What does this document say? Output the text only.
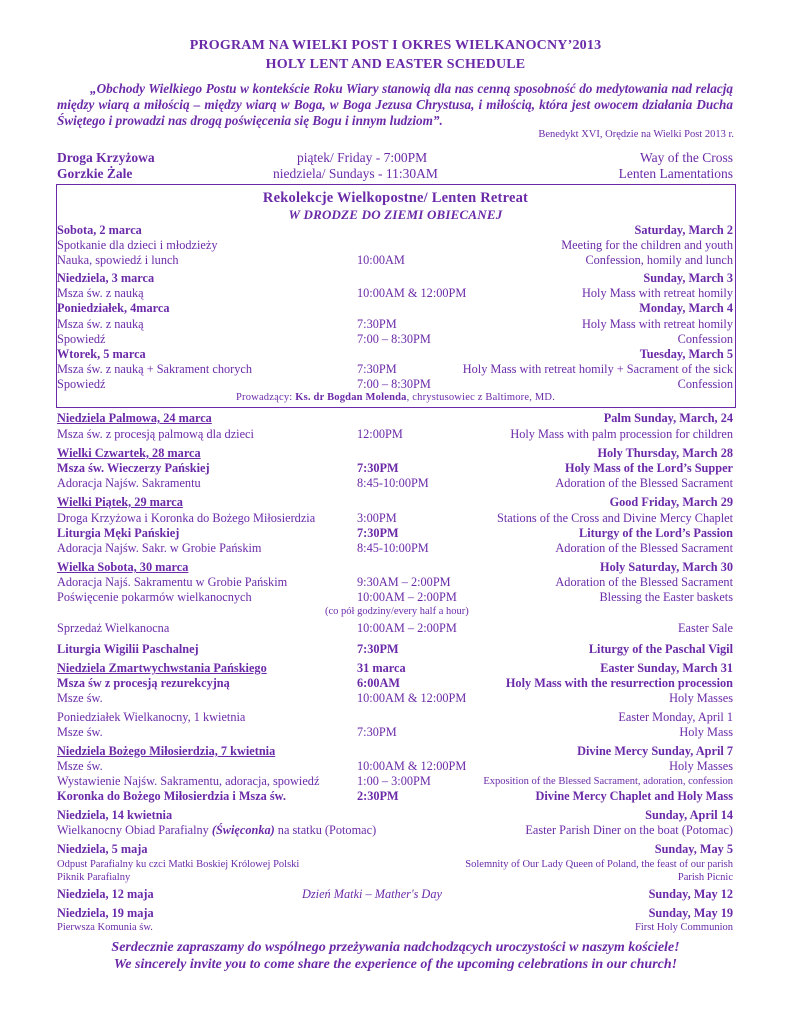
PROGRAM NA WIELKI POST I OKRES WIELKANOCNY’2013
HOLY LENT AND EASTER SCHEDULE
„Obchody Wielkiego Postu w kontekście Roku Wiary stanowią dla nas cenną sposobność do medytowania nad relacją między wiarą a miłością – między wiarą w Boga, w Boga Jezusa Chrystusa, i miłością, która jest owocem działania Ducha Świętego i prowadzi nas drogą poświęcenia się Bogu i innym ludziom”.
Benedykt XVI, Orędzie na Wielki Post 2013 r.
Droga Krzyżowa	piątek/ Friday - 7:00PM	Way of the Cross
Gorzkie Żale	niedziela/ Sundays - 11:30AM	Lenten Lamentations
Rekolekcje Wielkopostne/ Lenten Retreat
W DRODZE DO ZIEMI OBIECANEJ
Sobota, 2 marca	Saturday, March 2
Spotkanie dla dzieci i młodzieży	Meeting for the children and youth
Nauka, spowiedź i lunch	10:00AM	Confession, homily and lunch
Niedziela, 3 marca	Sunday, March 3
Msza św. z nauką	10:00AM & 12:00PM	Holy Mass with retreat homily
Poniedziałek, 4marca	Monday, March 4
Msza św. z nauką	7:30PM	Holy Mass with retreat homily
Spowiedź	7:00 – 8:30PM	Confession
Wtorek, 5 marca	Tuesday, March 5
Msza św. z nauką + Sakrament chorych	7:30PM	Holy Mass with retreat homily + Sacrament of the sick
Spowiedź	7:00 – 8:30PM	Confession
Prowadzący: Ks. dr Bogdan Molenda, chrystusowiec z Baltimore, MD.
Niedziela Palmowa, 24 marca	Palm Sunday, March, 24
Msza św. z procesją palmową dla dzieci	12:00PM	Holy Mass with palm procession for children
Wielki Czwartek, 28 marca	Holy Thursday, March 28
Msza św. Wieczerzy Pańskiej	7:30PM	Holy Mass of the Lord’s Supper
Adoracja Najśw. Sakramentu	8:45-10:00PM	Adoration of the Blessed Sacrament
Wielki Piątek, 29 marca	Good Friday, March 29
Droga Krzyżowa i Koronka do Bożego Miłosierdzia	3:00PM	Stations of the Cross and Divine Mercy Chaplet
Liturgia Męki Pańskiej	7:30PM	Liturgy of the Lord’s Passion
Adoracja Najśw. Sakr. w Grobie Pańskim	8:45-10:00PM	Adoration of the Blessed Sacrament
Wielka Sobota, 30 marca	Holy Saturday, March 30
Adoracja Najś. Sakramentu w Grobie Pańskim	9:30AM – 2:00PM	Adoration of the Blessed Sacrament
Poświęcenie pokarmów wielkanocnych	10:00AM – 2:00PM	Blessing the Easter baskets
(co pół godziny/every half a hour)
Sprzedaż Wielkanocna	10:00AM – 2:00PM	Easter Sale
Liturgia Wigilii Paschalnej	7:30PM	Liturgy of the Paschal Vigil
Niedziela Zmartwychwstania Pańskiego	31 marca	Easter Sunday, March 31
Msza św z procesją rezurekcyjną	6:00AM	Holy Mass with the resurrection procession
Msze św.	10:00AM & 12:00PM	Holy Masses
Poniedziałek Wielkanocny, 1 kwietnia	Easter Monday, April 1
Msze św.	7:30PM	Holy Mass
Niedziela Bożego Miłosierdzia, 7 kwietnia	Divine Mercy Sunday, April 7
Msze św.	10:00AM & 12:00PM	Holy Masses
Wystawienie Najśw. Sakramentu, adoracja, spowiedź	1:00 – 3:00PM	Exposition of the Blessed Sacrament, adoration, confession
Koronka do Bożego Miłosierdzia i Msza św.	2:30PM	Divine Mercy Chaplet and Holy Mass
Niedziela, 14 kwietnia	Sunday, April 14
Wielkanocny Obiad Parafialny (Święconka) na statku (Potomac)	Easter Parish Diner on the boat (Potomac)
Niedziela, 5 maja	Sunday, May 5
Odpust Parafialny ku czci Matki Boskiej Królowej Polski	Solemnity of Our Lady Queen of Poland, the feast of our parish
Piknik Parafialny	Parish Picnic
Niedziela, 12 maja	Dzień Matki – Mather's Day	Sunday, May 12
Niedziela, 19 maja	Sunday, May 19
Pierwsza Komunia św.	First Holy Communion
Serdecznie zapraszamy do wspólnego przeżywania nadchodzących uroczystości w naszym kościele!
We sincerely invite you to come share the experience of the upcoming celebrations in our church!
